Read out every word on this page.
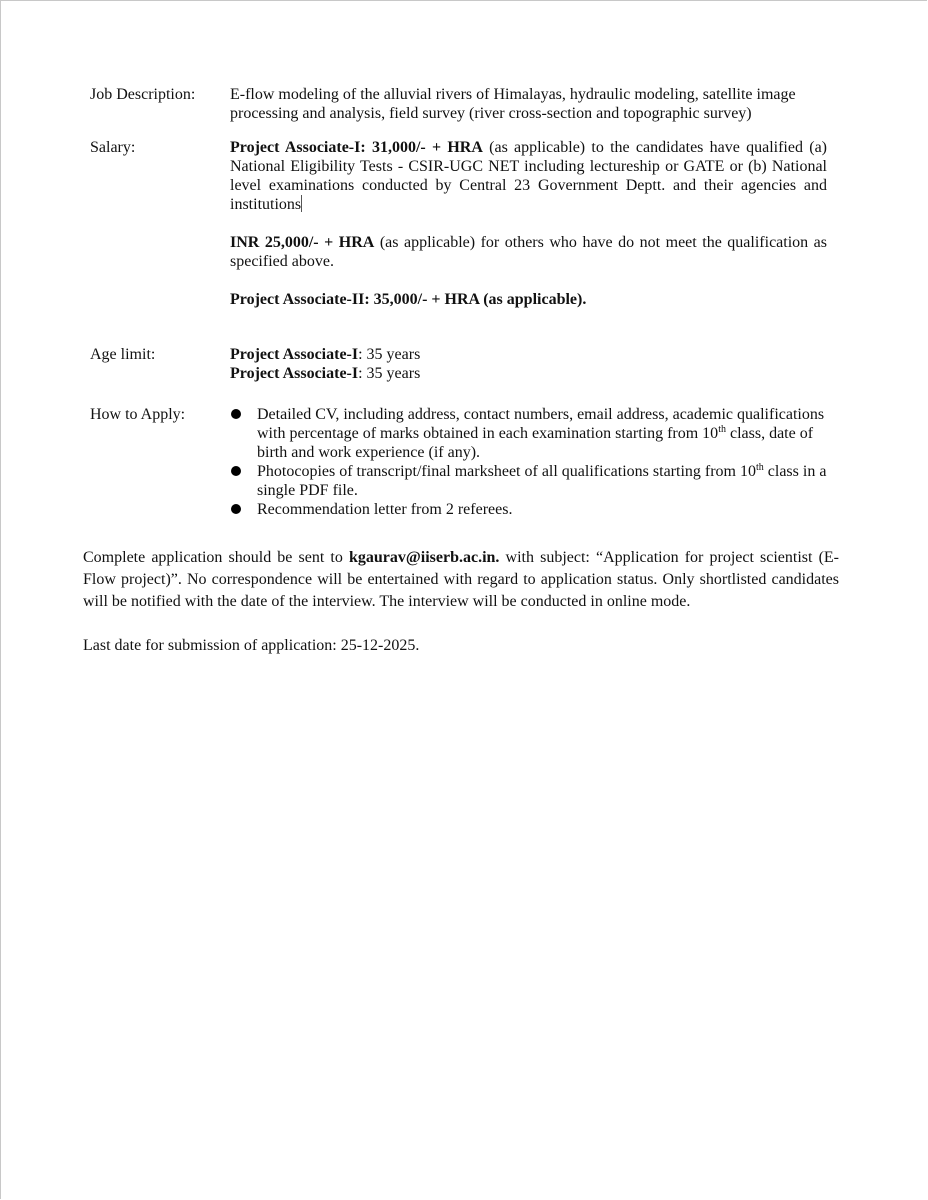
Job Description:	E-flow modeling of the alluvial rivers of Himalayas, hydraulic modeling, satellite image processing and analysis, field survey (river cross-section and topographic survey)
Salary:	Project Associate-I: 31,000/- + HRA (as applicable) to the candidates have qualified (a) National Eligibility Tests - CSIR-UGC NET including lectureship or GATE or (b) National level examinations conducted by Central 23 Government Deptt. and their agencies and institutions

INR 25,000/- + HRA (as applicable) for others who have do not meet the qualification as specified above.

Project Associate-II: 35,000/- + HRA (as applicable).

Age limit:	Project Associate-I: 35 years

Project Associate-I: 35 years

How to Apply:	Detailed CV, including address, contact numbers, email address, academic qualifications with percentage of marks obtained in each examination starting from 10th class, date of birth and work experience (if any).
Photocopies of transcript/final marksheet of all qualifications starting from 10th class in a single PDF file.
Recommendation letter from 2 referees.
Complete application should be sent to kgaurav@iiserb.ac.in. with subject: “Application for project scientist (E-Flow project)”. No correspondence will be entertained with regard to application status. Only shortlisted candidates will be notified with the date of the interview. The interview will be conducted in online mode.
Last date for submission of application: 25-12-2025.
